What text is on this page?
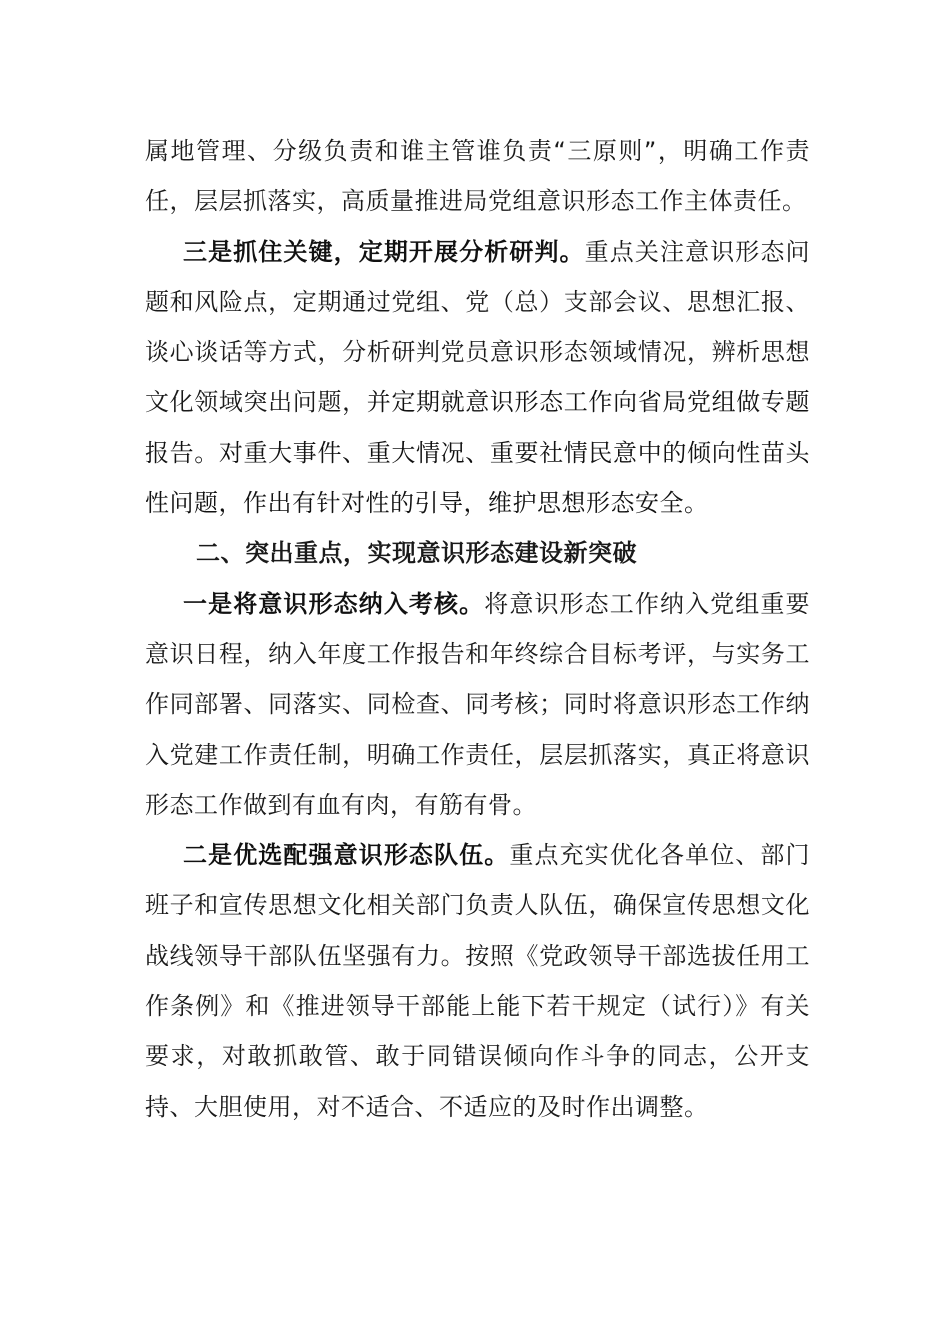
属地管理、分级负责和谁主管谁负责“三原则”，明确工作责任，层层抓落实，高质量推进局党组意识形态工作主体责任。

三是抓住关键，定期开展分析研判。重点关注意识形态问题和风险点，定期通过党组、党（总）支部会议、思想汇报、谈心谈话等方式，分析研判党员意识形态领域情况，辨析思想文化领域突出问题，并定期就意识形态工作向省局党组做专题报告。对重大事件、重大情况、重要社情民意中的倾向性苗头性问题，作出有针对性的引导，维护思想形态安全。

二、突出重点，实现意识形态建设新突破

一是将意识形态纳入考核。将意识形态工作纳入党组重要意识日程，纳入年度工作报告和年终综合目标考评，与实务工作同部署、同落实、同检查、同考核；同时将意识形态工作纳入党建工作责任制，明确工作责任，层层抓落实，真正将意识形态工作做到有血有肉，有筋有骨。

二是优选配强意识形态队伍。重点充实优化各单位、部门班子和宣传思想文化相关部门负责人队伍，确保宣传思想文化战线领导干部队伍坚强有力。按照《党政领导干部选拔任用工作条例》和《推进领导干部能上能下若干规定（试行）》有关要求，对敢抓敢管、敢于同错误倾向作斗争的同志，公开支持、大胆使用，对不适合、不适应的及时作出调整。
